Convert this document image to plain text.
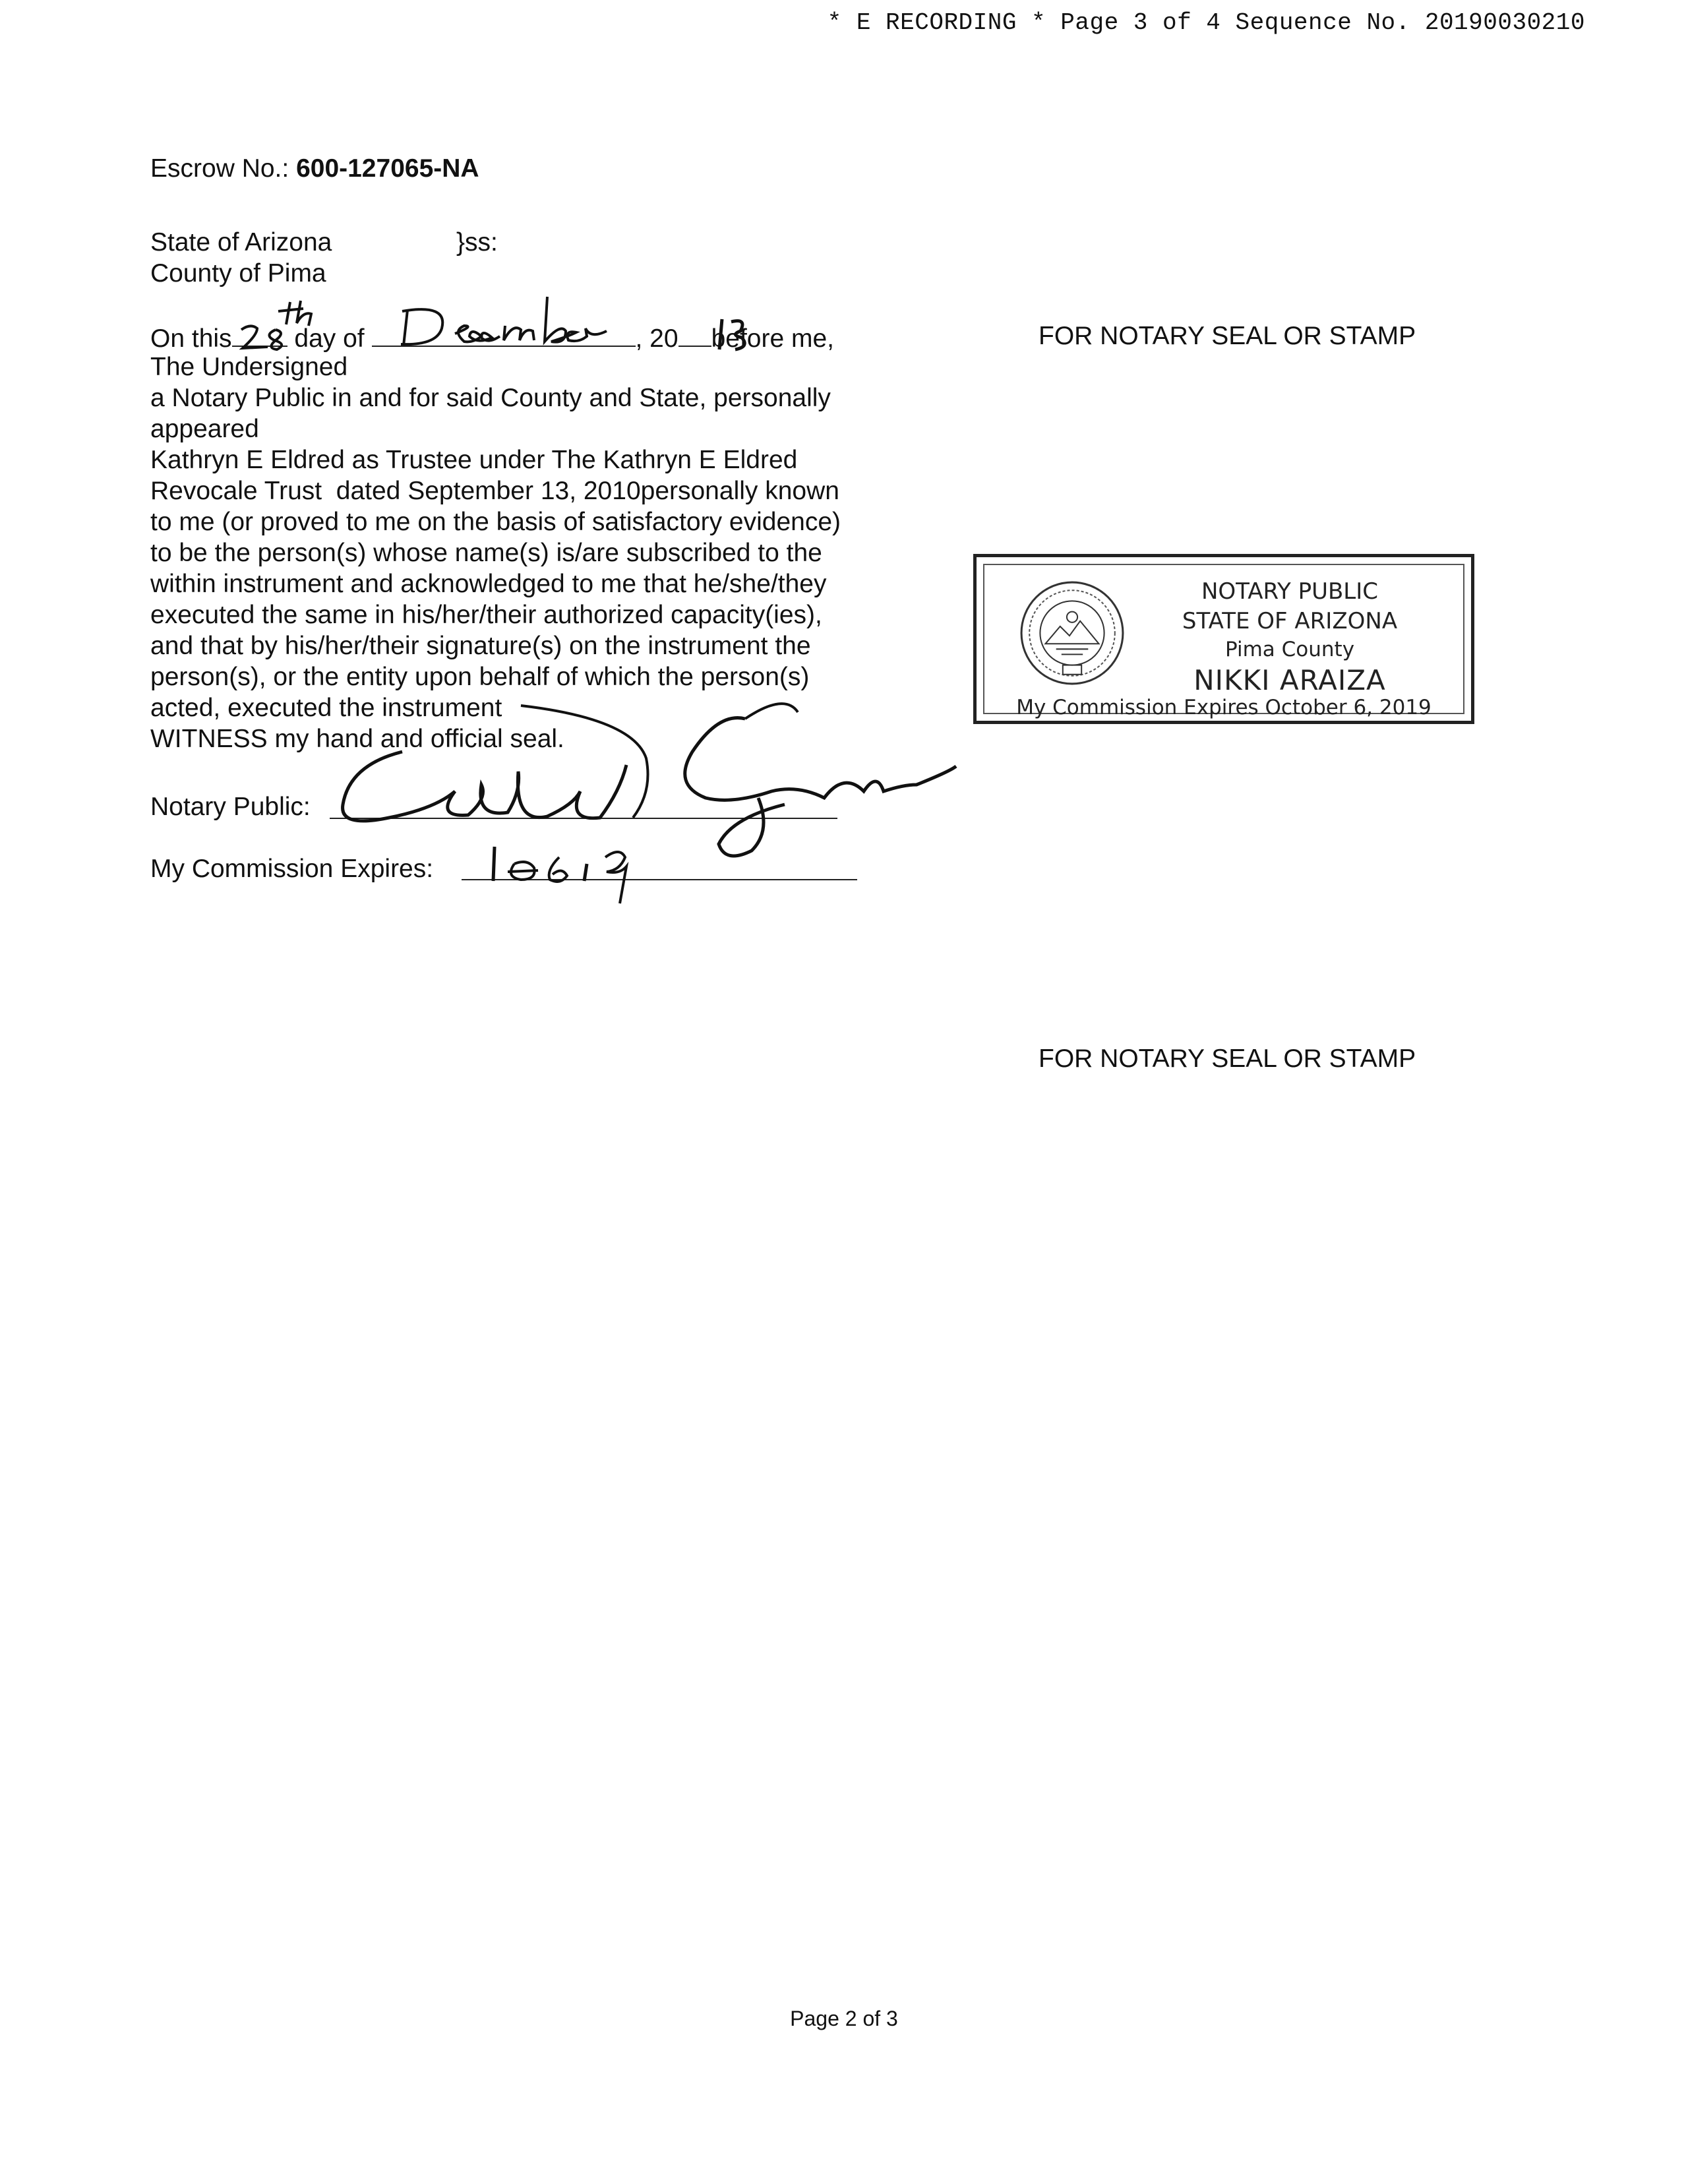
* E RECORDING * Page 3 of 4 Sequence No. 20190030210
Escrow No.: 600-127065-NA
State of Arizona	}ss:
County of Pima
On this day of	, 20 before me,	FOR NOTARY SEAL OR STAMP
The Undersigned
a Notary Public in and for said County and State, personally
appeared
Kathryn E Eldred as Trustee under The Kathryn E Eldred
Revocale Trust  dated September 13, 2010personally known
to me (or proved to me on the basis of satisfactory evidence)
to be the person(s) whose name(s) is/are subscribed to the
within instrument and acknowledged to me that he/she/they
executed the same in his/her/their authorized capacity(ies),
and that by his/her/their signature(s) on the instrument the
person(s), or the entity upon behalf of which the person(s)
acted, executed the instrument
WITNESS my hand and official seal.
NOTARY PUBLIC
STATE OF ARIZONA
Pima County
NIKKI ARAIZA
My Commission Expires October 6, 2019
Notary Public:
My Commission Expires:
FOR NOTARY SEAL OR STAMP
Page 2 of 3
